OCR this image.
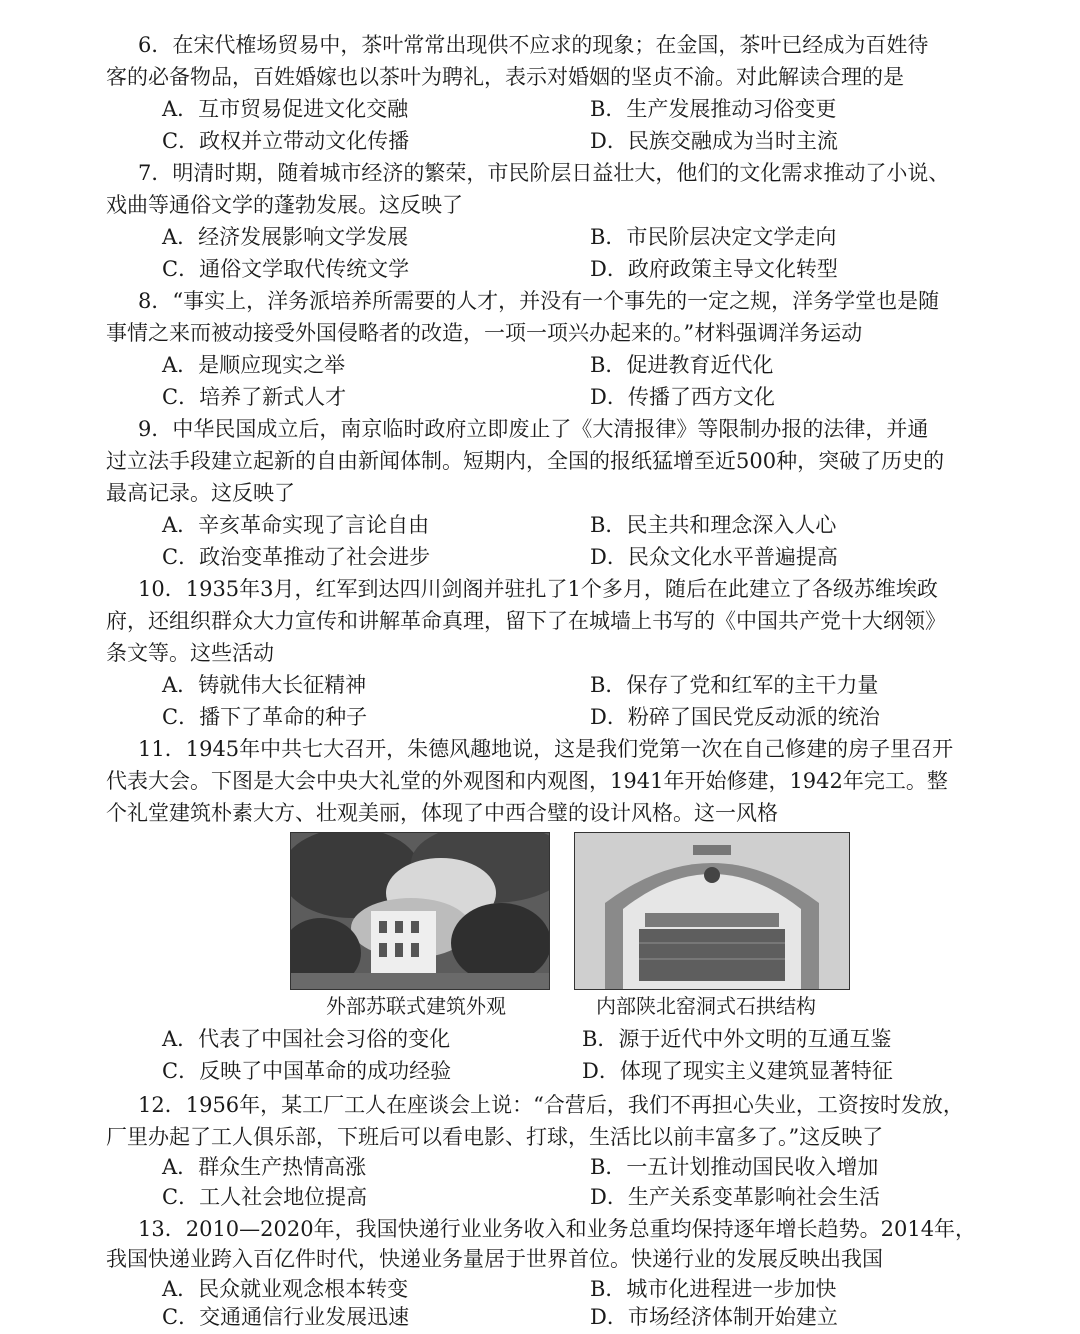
6．在宋代榷场贸易中，茶叶常常出现供不应求的现象；在金国，茶叶已经成为百姓待
客的必备物品，百姓婚嫁也以茶叶为聘礼，表示对婚姻的坚贞不渝。对此解读合理的是
A．互市贸易促进文化交融	B．生产发展推动习俗变更
C．政权并立带动文化传播	D．民族交融成为当时主流
7．明清时期，随着城市经济的繁荣，市民阶层日益壮大，他们的文化需求推动了小说、
戏曲等通俗文学的蓬勃发展。这反映了
A．经济发展影响文学发展	B．市民阶层决定文学走向
C．通俗文学取代传统文学	D．政府政策主导文化转型
8．“事实上，洋务派培养所需要的人才，并没有一个事先的一定之规，洋务学堂也是随
事情之来而被动接受外国侵略者的改造，一项一项兴办起来的。”材料强调洋务运动
A．是顺应现实之举	B．促进教育近代化
C．培养了新式人才	D．传播了西方文化
9．中华民国成立后，南京临时政府立即废止了《大清报律》等限制办报的法律，并通
过立法手段建立起新的自由新闻体制。短期内，全国的报纸猛增至近500种，突破了历史的
最高记录。这反映了
A．辛亥革命实现了言论自由	B．民主共和理念深入人心
C．政治变革推动了社会进步	D．民众文化水平普遍提高
10．1935年3月，红军到达四川剑阁并驻扎了1个多月，随后在此建立了各级苏维埃政
府，还组织群众大力宣传和讲解革命真理，留下了在城墙上书写的《中国共产党十大纲领》
条文等。这些活动
A．铸就伟大长征精神	B．保存了党和红军的主干力量
C．播下了革命的种子	D．粉碎了国民党反动派的统治
11．1945年中共七大召开，朱德风趣地说，这是我们党第一次在自己修建的房子里召开
代表大会。下图是大会中央大礼堂的外观图和内观图，1941年开始修建，1942年完工。整
个礼堂建筑朴素大方、壮观美丽，体现了中西合璧的设计风格。这一风格
外部苏联式建筑外观	内部陕北窑洞式石拱结构
A．代表了中国社会习俗的变化	B．源于近代中外文明的互通互鉴
C．反映了中国革命的成功经验	D．体现了现实主义建筑显著特征
12．1956年，某工厂工人在座谈会上说：“合营后，我们不再担心失业，工资按时发放，
厂里办起了工人俱乐部，下班后可以看电影、打球，生活比以前丰富多了。”这反映了
A．群众生产热情高涨	B．一五计划推动国民收入增加
C．工人社会地位提高	D．生产关系变革影响社会生活
13．2010—2020年，我国快递行业业务收入和业务总重均保持逐年增长趋势。2014年，
我国快递业跨入百亿件时代，快递业务量居于世界首位。快递行业的发展反映出我国
A．民众就业观念根本转变	B．城市化进程进一步加快
C．交通通信行业发展迅速	D．市场经济体制开始建立
